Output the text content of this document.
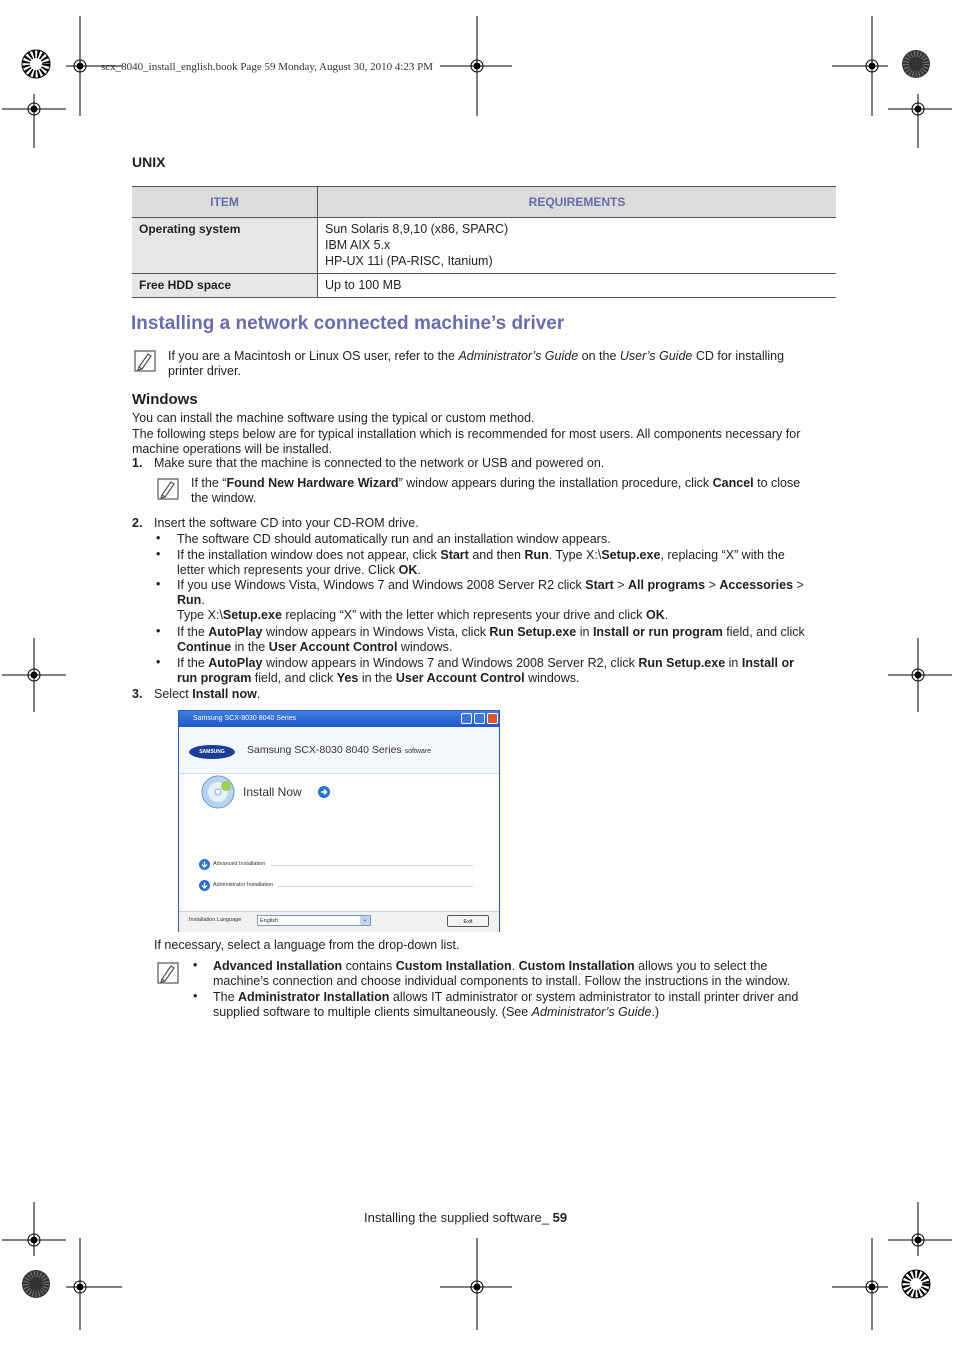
scx_8040_install_english.book Page 59 Monday, August 30, 2010 4:23 PM
UNIX
ITEM	REQUIREMENTS
Operating system	Sun Solaris 8,9,10 (x86, SPARC)
IBM AIX 5.x
HP-UX 11i (PA-RISC, Itanium)

Free HDD space	Up to 100 MB
Installing a network connected machine’s driver
If you are a Macintosh or Linux OS user, refer to the Administrator’s Guide on the User’s Guide CD for installing
printer driver.
Windows
You can install the machine software using the typical or custom method.
The following steps below are for typical installation which is recommended for most users. All components necessary for
machine operations will be installed.
1. Make sure that the machine is connected to the network or USB and powered on.
If the “Found New Hardware Wizard” window appears during the installation procedure, click Cancel to close
the window.
2. Insert the software CD into your CD-ROM drive.
• The software CD should automatically run and an installation window appears.
• If the installation window does not appear, click Start and then Run. Type X:\Setup.exe, replacing “X” with the
letter which represents your drive. Click OK.
• If you use Windows Vista, Windows 7 and Windows 2008 Server R2 click Start > All programs > Accessories >
Run.
Type X:\Setup.exe replacing “X” with the letter which represents your drive and click OK.
• If the AutoPlay window appears in Windows Vista, click Run Setup.exe in Install or run program field, and click
Continue in the User Account Control windows.
• If the AutoPlay window appears in Windows 7 and Windows 2008 Server R2, click Run Setup.exe in Install or
run program field, and click Yes in the User Account Control windows.
3. Select Install now.
Samsung SCX-8030 8040 Series
SAMSUNG	Samsung SCX-8030 8040 Series software
Install Now
Advanced Installation
Administrator Installation
Installation Language	English	⌄	Exit
If necessary, select a language from the drop-down list.
• Advanced Installation contains Custom Installation. Custom Installation allows you to select the
machine’s connection and choose individual components to install. Follow the instructions in the window.
• The Administrator Installation allows IT administrator or system administrator to install printer driver and
supplied software to multiple clients simultaneously. (See Administrator’s Guide.)
Installing the supplied software_ 59
